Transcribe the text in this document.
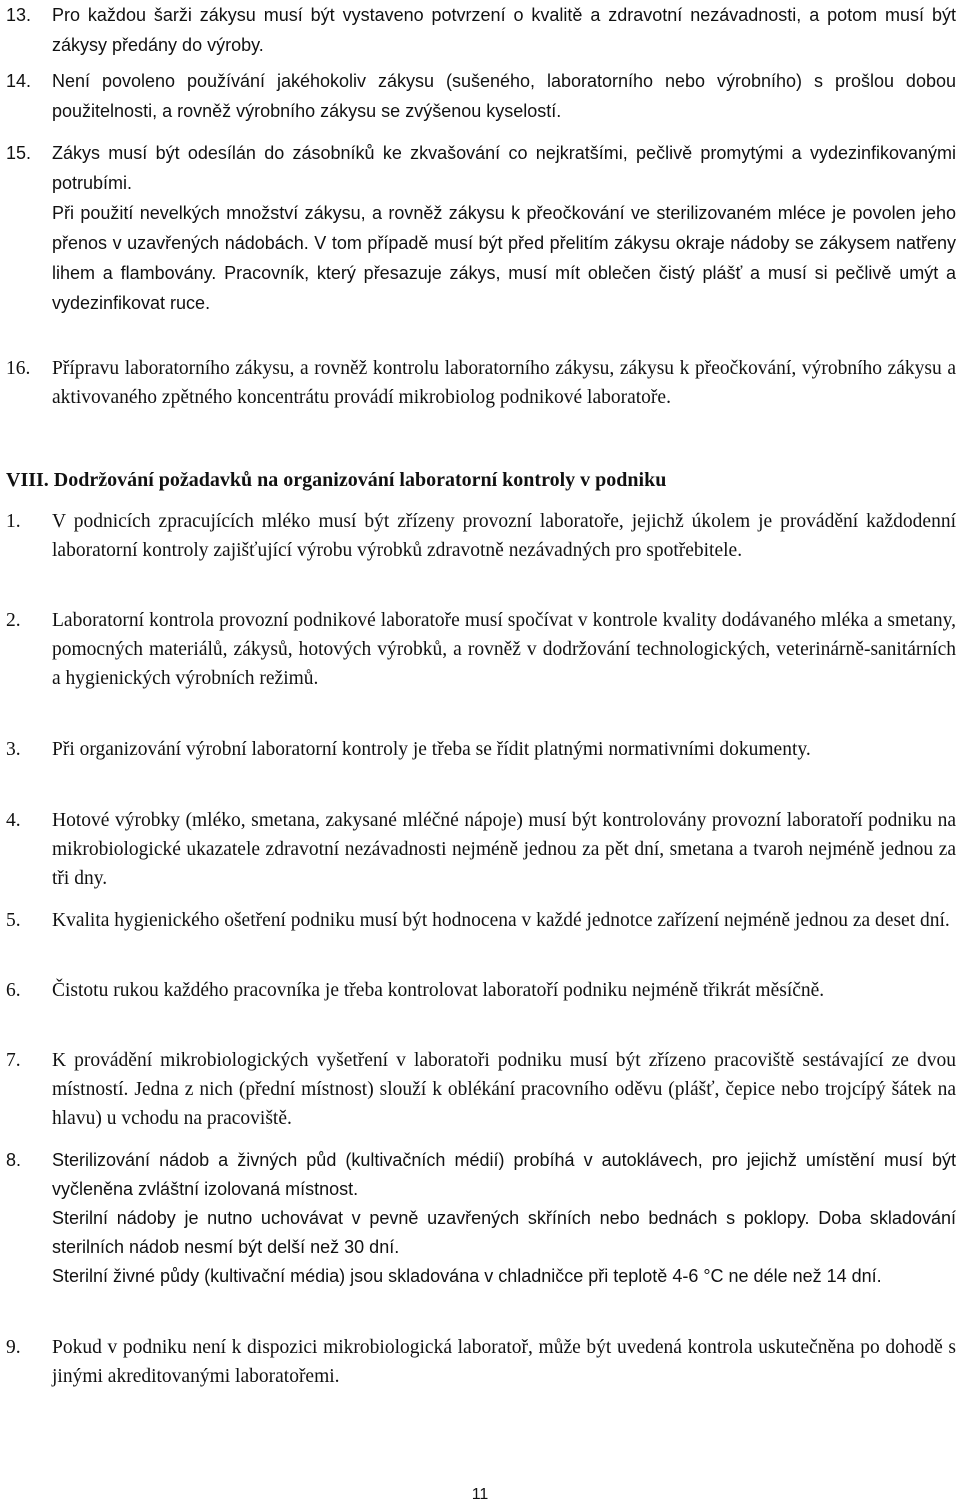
13. Pro každou šarži zákysu musí být vystaveno potvrzení o kvalitě a zdravotní nezávadnosti, a potom musí být zákysy předány do výroby.
14. Není povoleno používání jakéhokoliv zákysu (sušeného, laboratorního nebo výrobního) s prošlou dobou použitelnosti, a rovněž výrobního zákysu se zvýšenou kyselostí.
15. Zákys musí být odesílán do zásobníků ke zkvašování co nejkratšími, pečlivě promytými a vydezinfikovanými potrubími.
Při použití nevelkých množství zákysu, a rovněž zákysu k přeočkování ve sterilizovaném mléce je povolen jeho přenos v uzavřených nádobách. V tom případě musí být před přelitím zákysu okraje nádoby se zákysem natřeny lihem a flambovány. Pracovník, který přesazuje zákys, musí mít oblečen čistý plášť a musí si pečlivě umýt a vydezinfikovat ruce.
16. Přípravu laboratorního zákysu, a rovněž kontrolu laboratorního zákysu, zákysu k přeočkování, výrobního zákysu a aktivovaného zpětného koncentrátu provádí mikrobiolog podnikové laboratoře.
VIII. Dodržování požadavků na organizování laboratorní kontroly v podniku
1. V podnicích zpracujících mléko musí být zřízeny provozní laboratoře, jejichž úkolem je provádění každodenní laboratorní kontroly zajišťující výrobu výrobků zdravotně nezávadných pro spotřebitele.
2. Laboratorní kontrola provozní podnikové laboratoře musí spočívat v kontrole kvality dodávaného mléka a smetany, pomocných materiálů, zákysů, hotových výrobků, a rovněž v dodržování technologických, veterinárně-sanitárních a hygienických výrobních režimů.
3. Při organizování výrobní laboratorní kontroly je třeba se řídit platnými normativními dokumenty.
4. Hotové výrobky (mléko, smetana, zakysané mléčné nápoje) musí být kontrolovány provozní laboratoří podniku na mikrobiologické ukazatele zdravotní nezávadnosti nejméně jednou za pět dní, smetana a tvaroh nejméně jednou za tři dny.
5. Kvalita hygienického ošetření podniku musí být hodnocena v každé jednotce zařízení nejméně jednou za deset dní.
6. Čistotu rukou každého pracovníka je třeba kontrolovat laboratoří podniku nejméně třikrát měsíčně.
7. K provádění mikrobiologických vyšetření v laboratoři podniku musí být zřízeno pracoviště sestávající ze dvou místností. Jedna z nich (přední místnost) slouží k oblékání pracovního oděvu (plášť, čepice nebo trojcípý šátek na hlavu) u vchodu na pracoviště.
8. Sterilizování nádob a živných půd (kultivačních médií) probíhá v autoklávech, pro jejichž umístění musí být vyčleněna zvláštní izolovaná místnost.
Sterilní nádoby je nutno uchovávat v pevně uzavřených skříních nebo bednách s poklopy. Doba skladování sterilních nádob nesmí být delší než 30 dní.
Sterilní živné půdy (kultivační média) jsou skladována v chladničce při teplotě 4-6 °C ne déle než 14 dní.
9. Pokud v podniku není k dispozici mikrobiologická laboratoř, může být uvedená kontrola uskutečněna po dohodě s jinými akreditovanými laboratořemi.
11
